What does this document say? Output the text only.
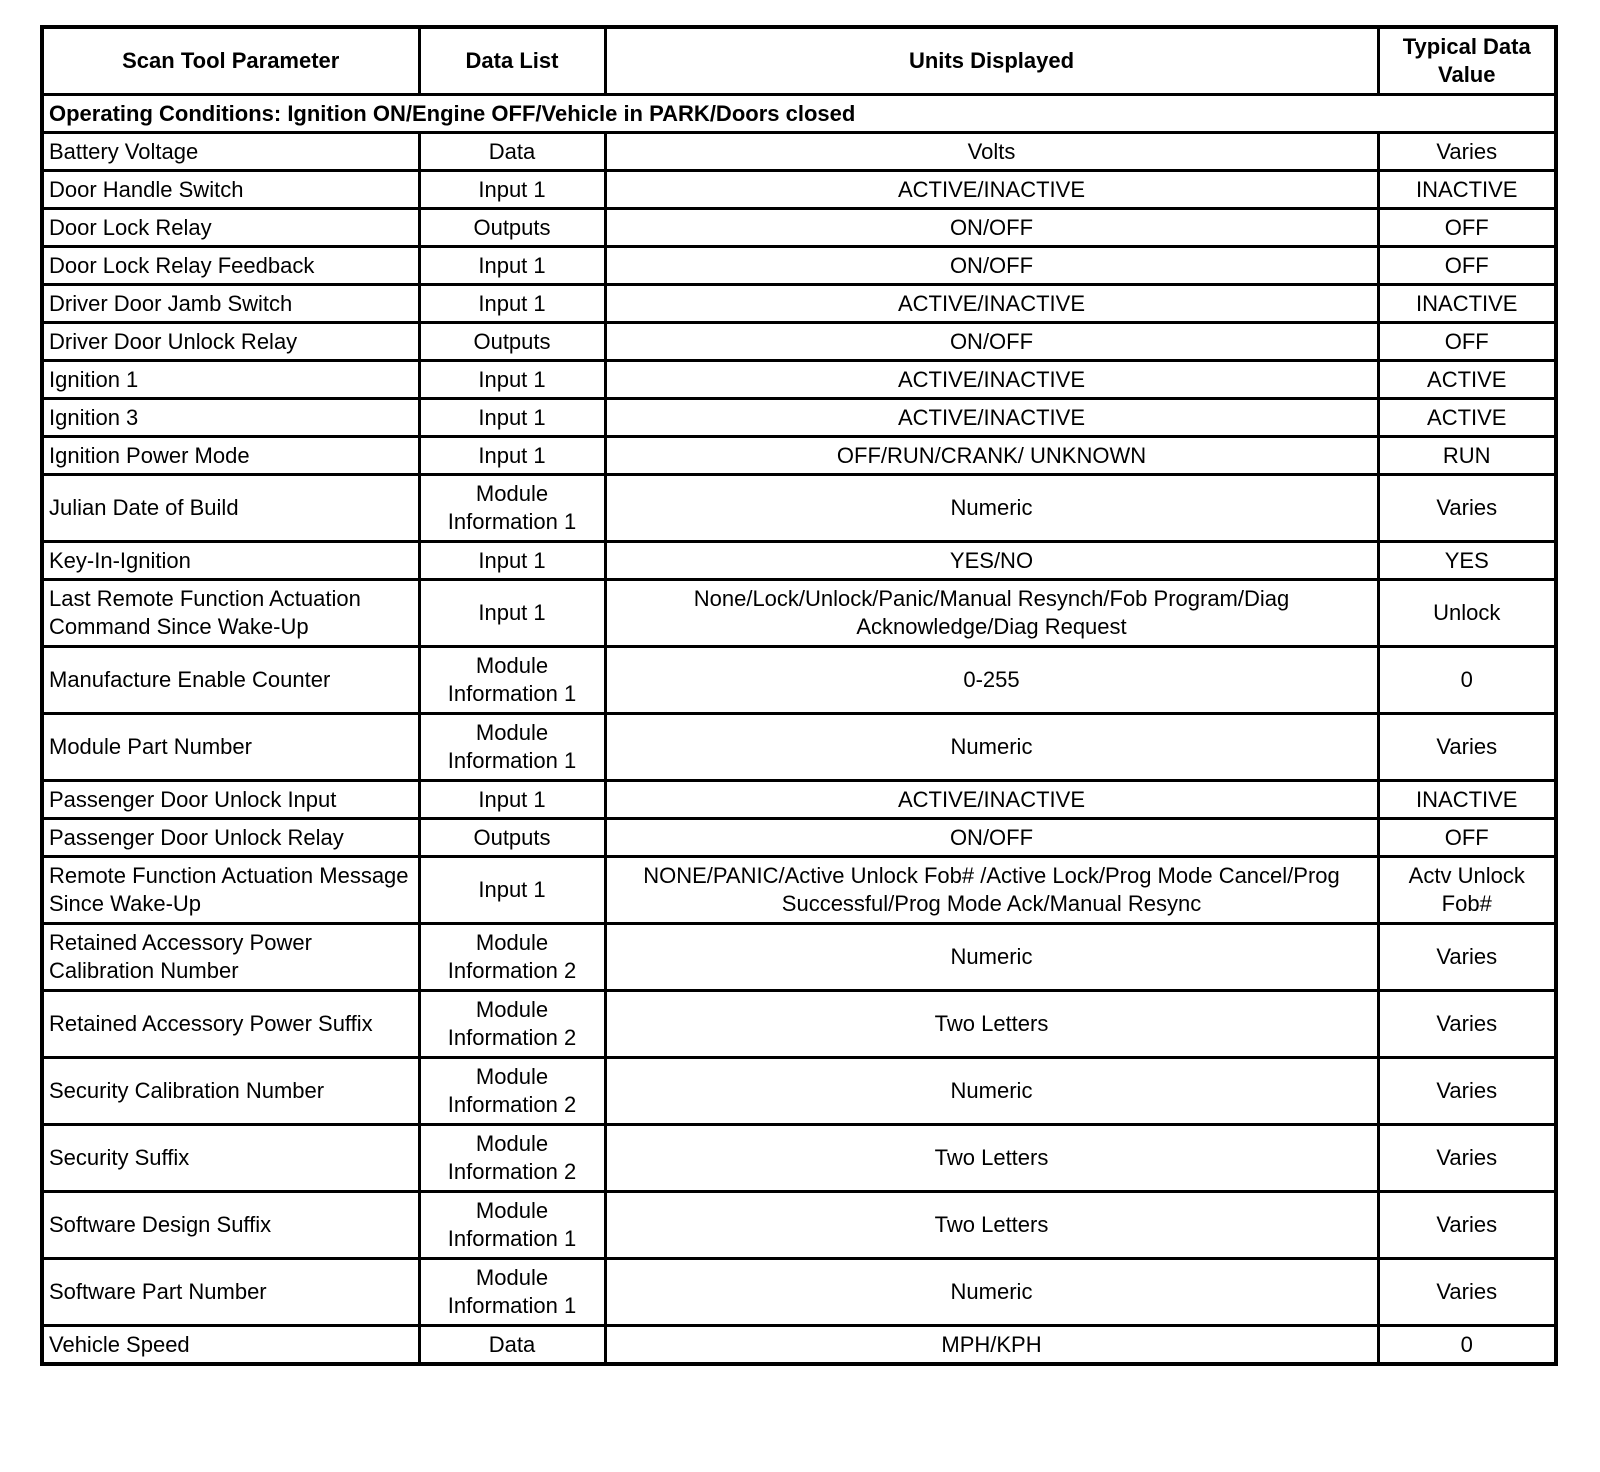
Scan Tool Parameter	Data List	Units Displayed	Typical Data Value
Operating Conditions: Ignition ON/Engine OFF/Vehicle in PARK/Doors closed			
Battery Voltage	Data	Volts	Varies
Door Handle Switch	Input 1	ACTIVE/INACTIVE	INACTIVE
Door Lock Relay	Outputs	ON/OFF	OFF
Door Lock Relay Feedback	Input 1	ON/OFF	OFF
Driver Door Jamb Switch	Input 1	ACTIVE/INACTIVE	INACTIVE
Driver Door Unlock Relay	Outputs	ON/OFF	OFF
Ignition 1	Input 1	ACTIVE/INACTIVE	ACTIVE
Ignition 3	Input 1	ACTIVE/INACTIVE	ACTIVE
Ignition Power Mode	Input 1	OFF/RUN/CRANK/ UNKNOWN	RUN
Julian Date of Build	Module Information 1	Numeric	Varies
Key-In-Ignition	Input 1	YES/NO	YES
Last Remote Function Actuation Command Since Wake-Up	Input 1	None/Lock/Unlock/Panic/Manual Resynch/Fob Program/Diag Acknowledge/Diag Request	Unlock
Manufacture Enable Counter	Module Information 1	0-255	0
Module Part Number	Module Information 1	Numeric	Varies
Passenger Door Unlock Input	Input 1	ACTIVE/INACTIVE	INACTIVE
Passenger Door Unlock Relay	Outputs	ON/OFF	OFF
Remote Function Actuation Message Since Wake-Up	Input 1	NONE/PANIC/Active Unlock Fob# /Active Lock/Prog Mode Cancel/Prog Successful/Prog Mode Ack/Manual Resync	Actv Unlock Fob#
Retained Accessory Power Calibration Number	Module Information 2	Numeric	Varies
Retained Accessory Power Suffix	Module Information 2	Two Letters	Varies
Security Calibration Number	Module Information 2	Numeric	Varies
Security Suffix	Module Information 2	Two Letters	Varies
Software Design Suffix	Module Information 1	Two Letters	Varies
Software Part Number	Module Information 1	Numeric	Varies
Vehicle Speed	Data	MPH/KPH	0
